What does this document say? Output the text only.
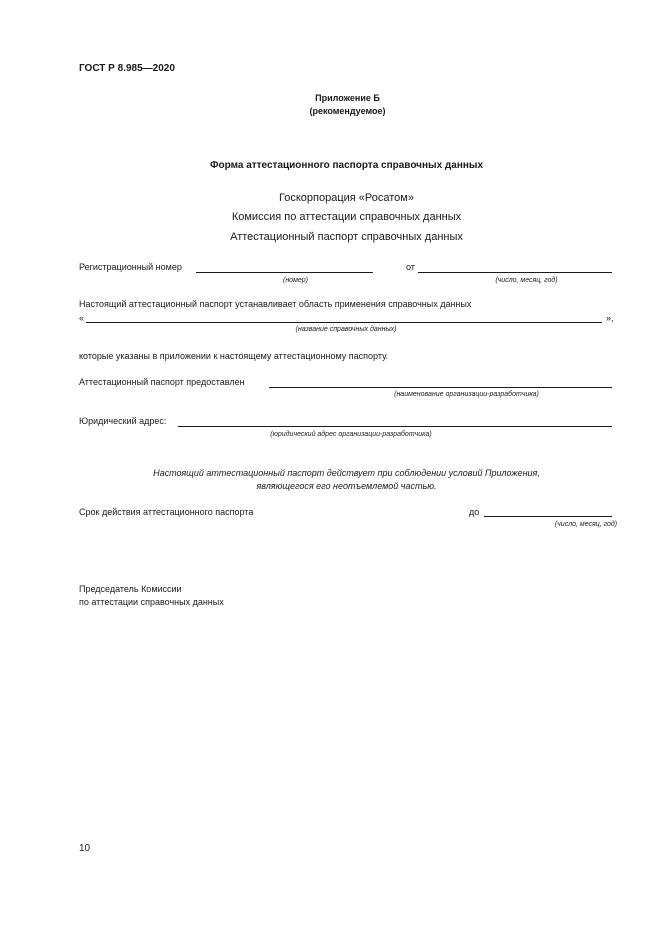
ГОСТ Р 8.985—2020
Приложение Б
(рекомендуемое)
Форма аттестационного паспорта справочных данных
Госкорпорация «Росатом»
Комиссия по аттестации справочных данных
Аттестационный паспорт справочных данных
Регистрационный номер
(номер)
от
(число, месяц, год)
Настоящий аттестационный паспорт устанавливает область применения справочных данных
«	»,
(название справочных данных)
которые указаны в приложении к настоящему аттестационному паспорту.
Аттестационный паспорт предоставлен
(наименование организации-разработчика)
Юридический адрес:
(юридический адрес организации-разработчика)
Настоящий аттестационный паспорт действует при соблюдении условий Приложения,
являющегося его неотъемлемой частью.
Срок действия аттестационного паспорта	до
(число, месяц, год)
Председатель Комиссии
по аттестации справочных данных
10
